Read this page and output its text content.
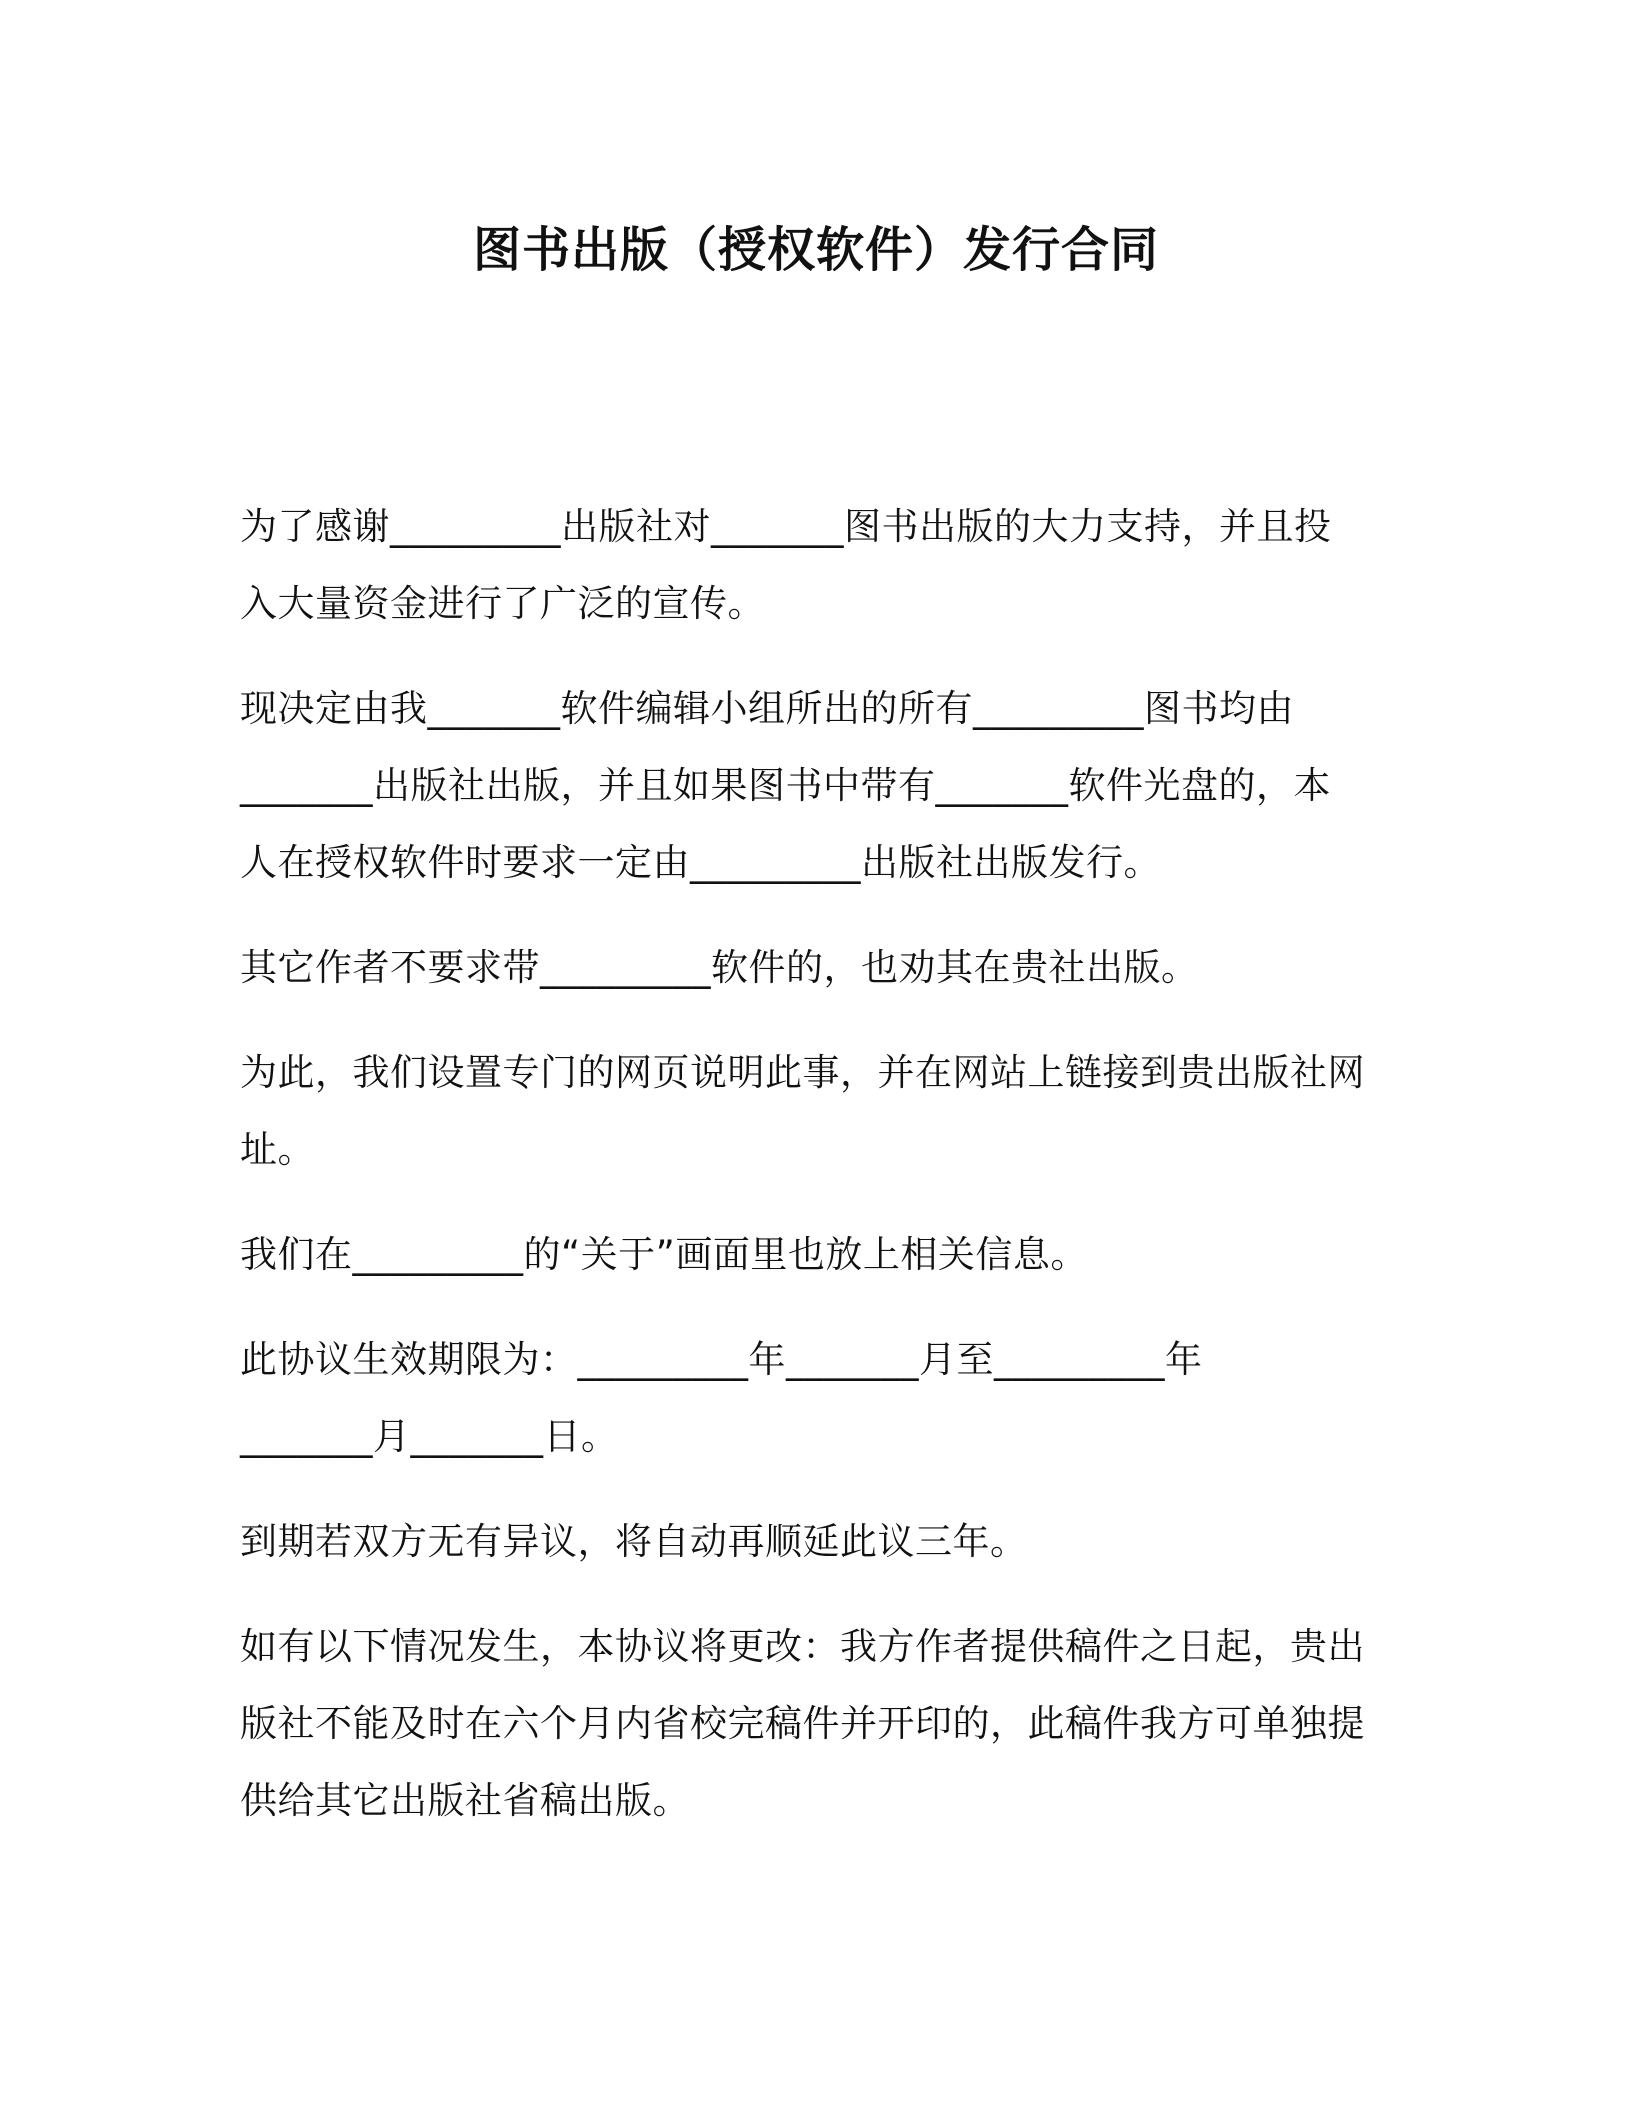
图书出版（授权软件）发行合同

为了感谢_________出版社对_______图书出版的大力支持，并且投
入大量资金进行了广泛的宣传。

现决定由我_______软件编辑小组所出的所有_________图书均由
_______出版社出版，并且如果图书中带有_______软件光盘的，本
人在授权软件时要求一定由_________出版社出版发行。

其它作者不要求带_________软件的，也劝其在贵社出版。

为此，我们设置专门的网页说明此事，并在网站上链接到贵出版社网
址。

我们在_________的“关于”画面里也放上相关信息。

此协议生效期限为：_________年_______月至_________年
_______月_______日。

到期若双方无有异议，将自动再顺延此议三年。

如有以下情况发生，本协议将更改：我方作者提供稿件之日起，贵出
版社不能及时在六个月内省校完稿件并开印的，此稿件我方可单独提
供给其它出版社省稿出版。
